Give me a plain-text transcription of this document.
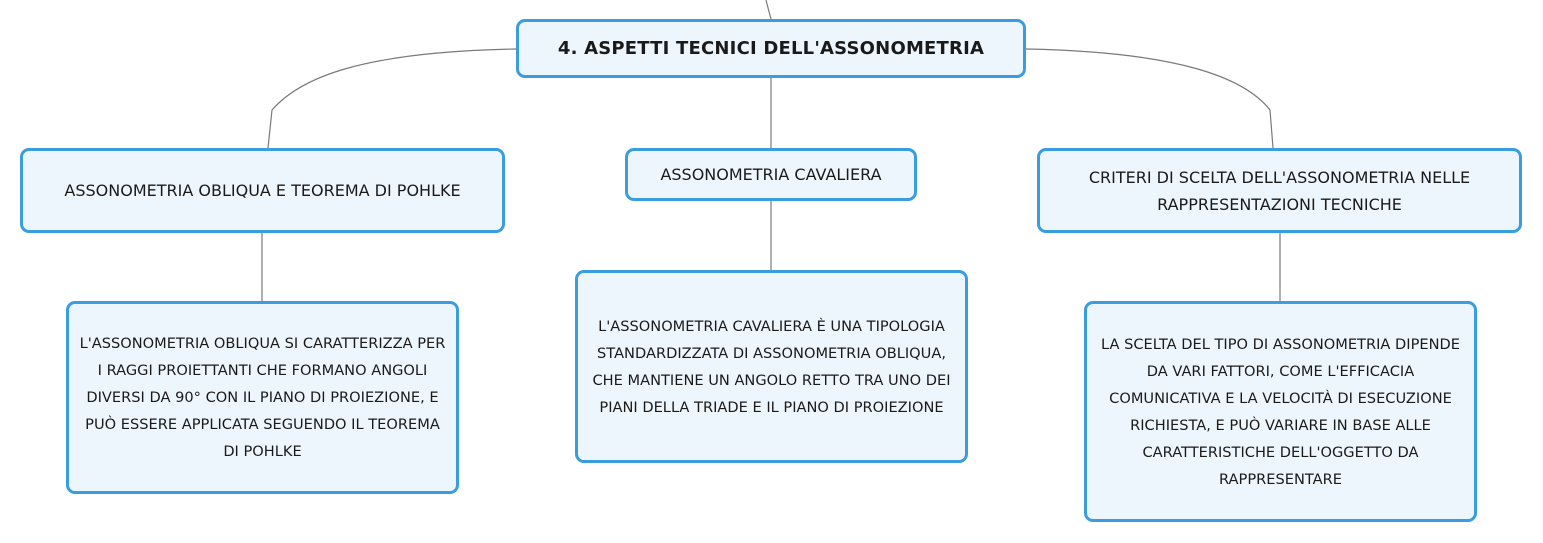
4. ASPETTI TECNICI DELL'ASSONOMETRIA
ASSONOMETRIA OBLIQUA E TEOREMA DI POHLKE
ASSONOMETRIA CAVALIERA	CRITERI DI SCELTA DELL'ASSONOMETRIA NELLE RAPPRESENTAZIONI TECNICHE
L'ASSONOMETRIA OBLIQUA SI CARATTERIZZA PER I RAGGI PROIETTANTI CHE FORMANO ANGOLI DIVERSI DA 90° CON IL PIANO DI PROIEZIONE, E PUÒ ESSERE APPLICATA SEGUENDO IL TEOREMA DI POHLKE
L'ASSONOMETRIA CAVALIERA È UNA TIPOLOGIA STANDARDIZZATA DI ASSONOMETRIA OBLIQUA, CHE MANTIENE UN ANGOLO RETTO TRA UNO DEI PIANI DELLA TRIADE E IL PIANO DI PROIEZIONE
LA SCELTA DEL TIPO DI ASSONOMETRIA DIPENDE DA VARI FATTORI, COME L'EFFICACIA COMUNICATIVA E LA VELOCITÀ DI ESECUZIONE RICHIESTA, E PUÒ VARIARE IN BASE ALLE CARATTERISTICHE DELL'OGGETTO DA RAPPRESENTARE
